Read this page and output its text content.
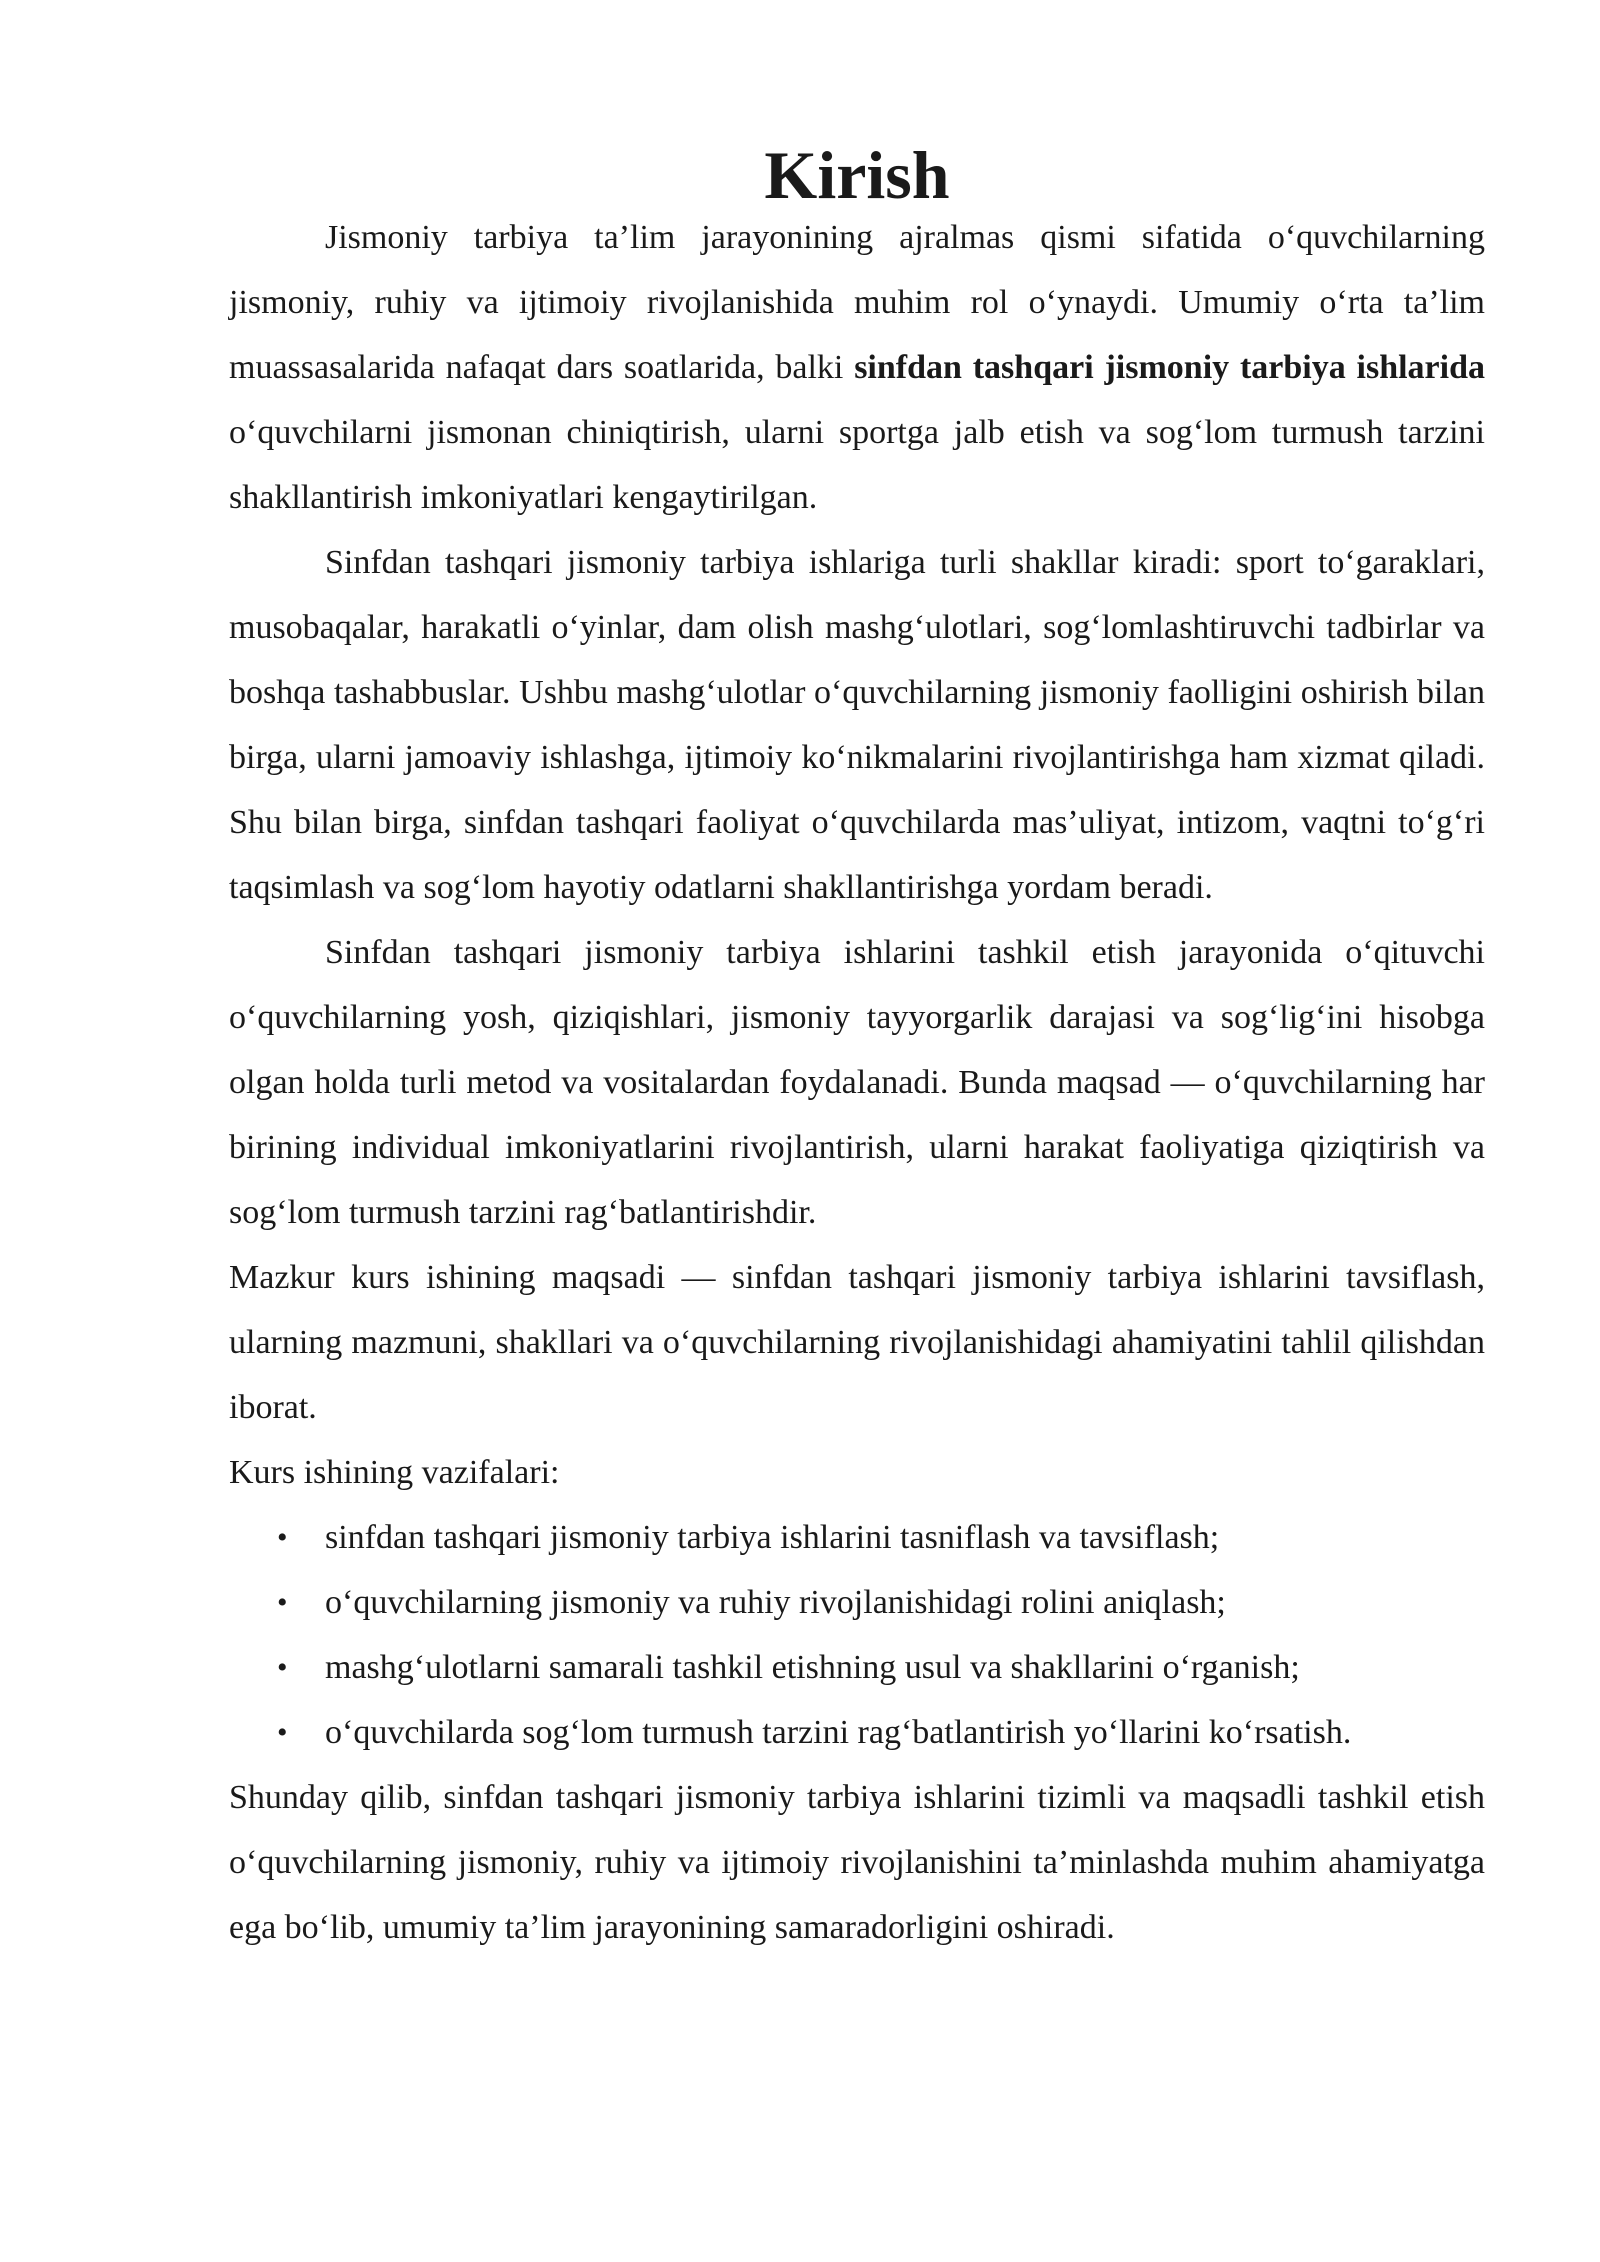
Kirish

Jismoniy tarbiya ta’lim jarayonining ajralmas qismi sifatida o‘quvchilarning jismoniy, ruhiy va ijtimoiy rivojlanishida muhim rol o‘ynaydi. Umumiy o‘rta ta’lim muassasalarida nafaqat dars soatlarida, balki sinfdan tashqari jismoniy tarbiya ishlarida o‘quvchilarni jismonan chiniqtirish, ularni sportga jalb etish va sog‘lom turmush tarzini shakllantirish imkoniyatlari kengaytirilgan.

Sinfdan tashqari jismoniy tarbiya ishlariga turli shakllar kiradi: sport to‘garaklari, musobaqalar, harakatli o‘yinlar, dam olish mashg‘ulotlari, sog‘lomlashtiruvchi tadbirlar va boshqa tashabbuslar. Ushbu mashg‘ulotlar o‘quvchilarning jismoniy faolligini oshirish bilan birga, ularni jamoaviy ishlashga, ijtimoiy ko‘nikmalarini rivojlantirishga ham xizmat qiladi. Shu bilan birga, sinfdan tashqari faoliyat o‘quvchilarda mas’uliyat, intizom, vaqtni to‘g‘ri taqsimlash va sog‘lom hayotiy odatlarni shakllantirishga yordam beradi.

Sinfdan tashqari jismoniy tarbiya ishlarini tashkil etish jarayonida o‘qituvchi o‘quvchilarning yosh, qiziqishlari, jismoniy tayyorgarlik darajasi va sog‘lig‘ini hisobga olgan holda turli metod va vositalardan foydalanadi. Bunda maqsad — o‘quvchilarning har birining individual imkoniyatlarini rivojlantirish, ularni harakat faoliyatiga qiziqtirish va sog‘lom turmush tarzini rag‘batlantirishdir.

Mazkur kurs ishining maqsadi — sinfdan tashqari jismoniy tarbiya ishlarini tavsiflash, ularning mazmuni, shakllari va o‘quvchilarning rivojlanishidagi ahamiyatini tahlil qilishdan iborat.

Kurs ishining vazifalari:

• sinfdan tashqari jismoniy tarbiya ishlarini tasniflash va tavsiflash;
• o‘quvchilarning jismoniy va ruhiy rivojlanishidagi rolini aniqlash;
• mashg‘ulotlarni samarali tashkil etishning usul va shakllarini o‘rganish;
• o‘quvchilarda sog‘lom turmush tarzini rag‘batlantirish yo‘llarini ko‘rsatish.

Shunday qilib, sinfdan tashqari jismoniy tarbiya ishlarini tizimli va maqsadli tashkil etish o‘quvchilarning jismoniy, ruhiy va ijtimoiy rivojlanishini ta’minlashda muhim ahamiyatga ega bo‘lib, umumiy ta’lim jarayonining samaradorligini oshiradi.
